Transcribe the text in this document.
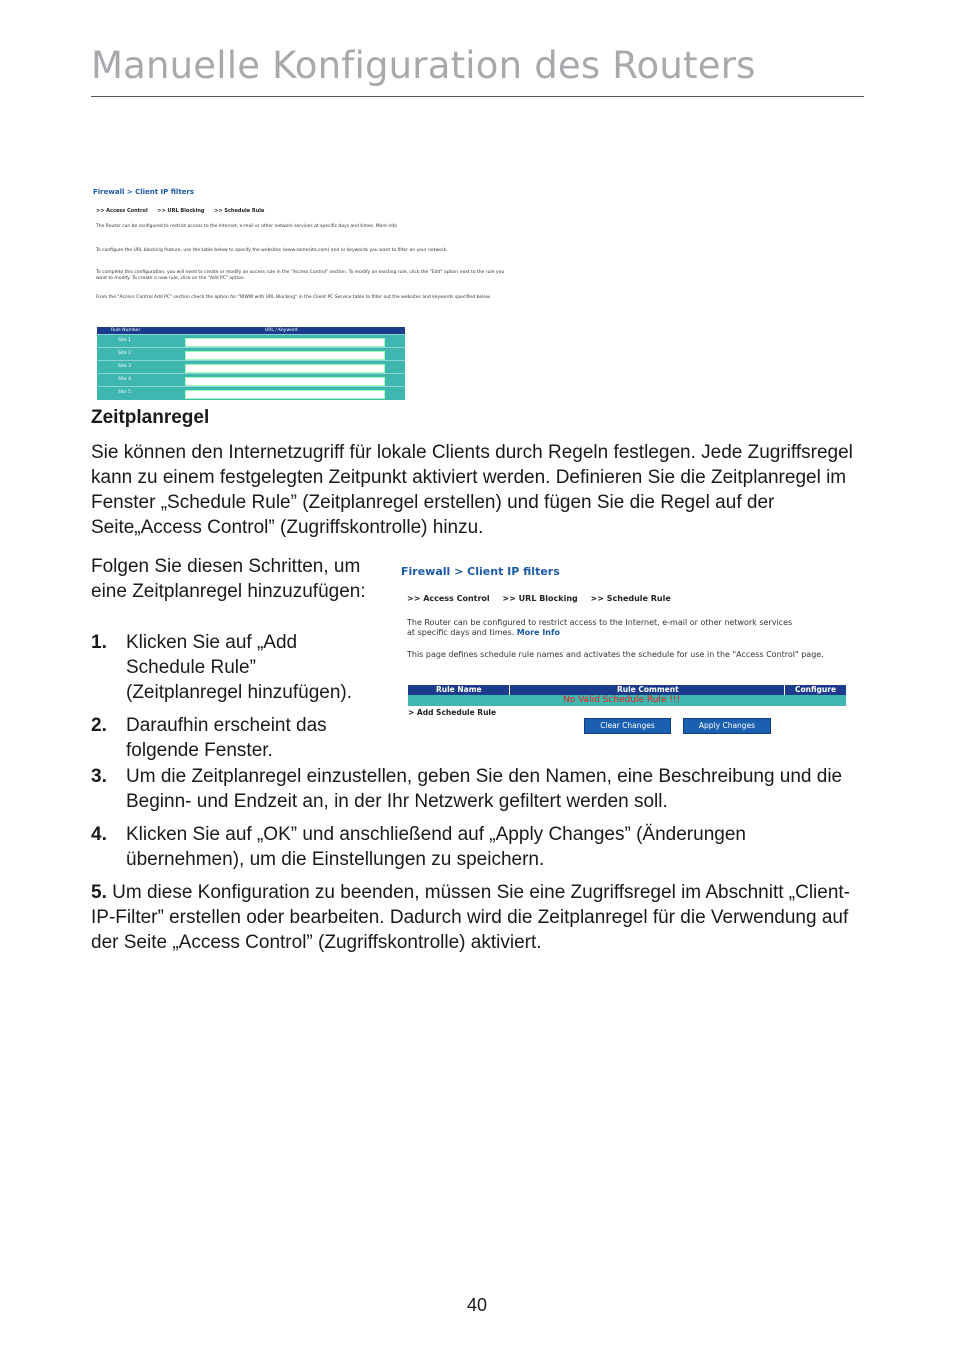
Manuelle Konfiguration des Routers
Firewall > Client IP filters
>> Access Control >> URL Blocking >> Schedule Rule
The Router can be configured to restrict access to the Internet, e-mail or other network services at specific days and times. More Info
To configure the URL blocking feature, use the table below to specify the websites (www.somesite.com) and or keywords you want to filter on your network.
To complete this configuration, you will need to create or modify an access rule in the "Access Control" section. To modify an existing rule, click the "Edit" option next to the rule you want to modify. To create a new rule, click on the "Add PC" option.
From the "Access Control Add PC" section check the option for "WWW with URL Blocking" in the Client PC Service table to filter out the websites and keywords specified below.
Rule Number	URL / Keyword
Site 1
Site 2
Site 3
Site 4
Site 5
Zeitplanregel
Sie können den Internetzugriff für lokale Clients durch Regeln festlegen. Jede Zugriffsregel kann zu einem festgelegten Zeitpunkt aktiviert werden. Definieren Sie die Zeitplanregel im Fenster „Schedule Rule” (Zeitplanregel erstellen) und fügen Sie die Regel auf der Seite„Access Control” (Zugriffskontrolle) hinzu.
Folgen Sie diesen Schritten, um eine Zeitplanregel hinzuzufügen:
1. Klicken Sie auf „Add Schedule Rule” (Zeitplanregel hinzufügen).
2. Daraufhin erscheint das folgende Fenster.
3. Um die Zeitplanregel einzustellen, geben Sie den Namen, eine Beschreibung und die Beginn- und Endzeit an, in der Ihr Netzwerk gefiltert werden soll.
4. Klicken Sie auf „OK” und anschließend auf „Apply Changes” (Änderungen übernehmen), um die Einstellungen zu speichern.
5. Um diese Konfiguration zu beenden, müssen Sie eine Zugriffsregel im Abschnitt „Client-IP-Filter” erstellen oder bearbeiten. Dadurch wird die Zeitplanregel für die Verwendung auf der Seite „Access Control” (Zugriffskontrolle) aktiviert.
Firewall > Client IP filters
>> Access Control >> URL Blocking >> Schedule Rule
The Router can be configured to restrict access to the Internet, e-mail or other network services
at specific days and times. More Info
This page defines schedule rule names and activates the schedule for use in the "Access Control" page.
Rule Name	Rule Comment	Configure
No Valid Schedule Rule !!!
> Add Schedule Rule
Clear Changes	Apply Changes
40
